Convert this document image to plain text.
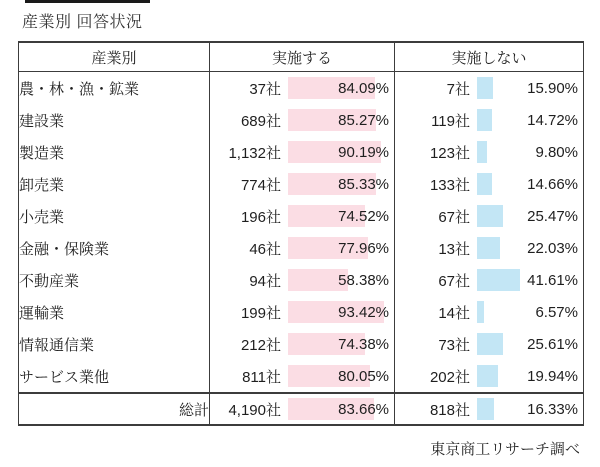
産業別 回答状況
産業別	実施する	実施しない
農・林・漁・鉱業	37社 84.09%	7社 15.90%

建設業	689社 85.27%	119社 14.72%

製造業	1,132社 90.19%	123社 9.80%

卸売業	774社 85.33%	133社 14.66%

小売業	196社 74.52%	67社 25.47%

金融・保険業	46社 77.96%	13社 22.03%

不動産業	94社 58.38%	67社 41.61%

運輸業	199社 93.42%	14社 6.57%

情報通信業	212社 74.38%	73社 25.61%

サービス業他	811社 80.05%	202社 19.94%

総計	4,190社 83.66%	818社 16.33%
東京商工リサーチ調べ
